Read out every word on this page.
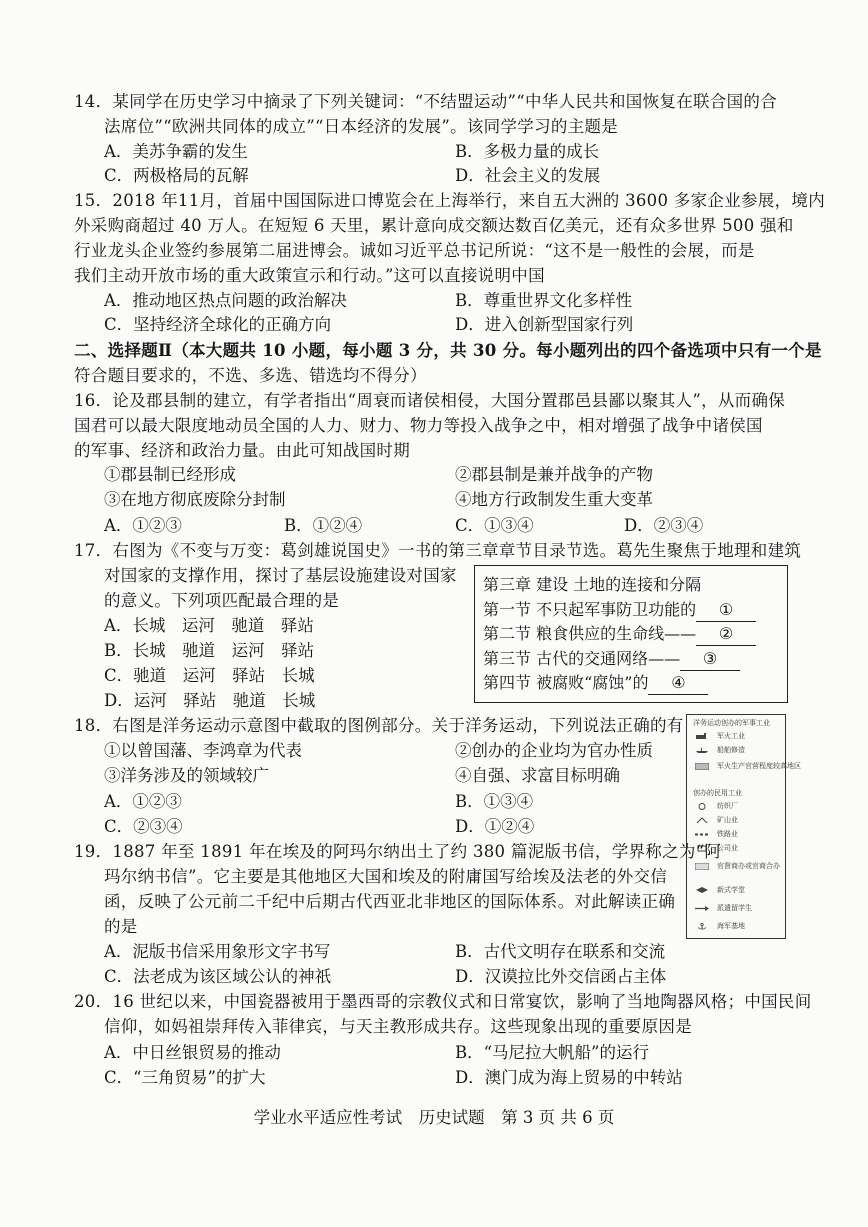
14．某同学在历史学习中摘录了下列关键词：“不结盟运动”“中华人民共和国恢复在联合国的合
法席位”“欧洲共同体的成立”“日本经济的发展”。该同学学习的主题是
A．美苏争霸的发生	B．多极力量的成长
C．两极格局的瓦解	D．社会主义的发展
15．2018 年11月，首届中国国际进口博览会在上海举行，来自五大洲的 3600 多家企业参展，境内
外采购商超过 40 万人。在短短 6 天里，累计意向成交额达数百亿美元，还有众多世界 500 强和
行业龙头企业签约参展第二届进博会。诚如习近平总书记所说：“这不是一般性的会展，而是
我们主动开放市场的重大政策宣示和行动。”这可以直接说明中国
A．推动地区热点问题的政治解决	B．尊重世界文化多样性
C．坚持经济全球化的正确方向	D．进入创新型国家行列
二、选择题Ⅱ（本大题共 10 小题，每小题 3 分，共 30 分。每小题列出的四个备选项中只有一个是
符合题目要求的，不选、多选、错选均不得分）
16．论及郡县制的建立，有学者指出“周衰而诸侯相侵，大国分置郡邑县鄙以聚其人”，从而确保
国君可以最大限度地动员全国的人力、财力、物力等投入战争之中，相对增强了战争中诸侯国
的军事、经济和政治力量。由此可知战国时期
①郡县制已经形成	②郡县制是兼并战争的产物
③在地方彻底废除分封制	④地方行政制发生重大变革
A．①②③	B．①②④	C．①③④	D．②③④
17．右图为《不变与万变：葛剑雄说国史》一书的第三章章节目录节选。葛先生聚焦于地理和建筑
对国家的支撑作用，探讨了基层设施建设对国家
的意义。下列项匹配最合理的是
A．长城　运河　驰道　驿站
B．长城　驰道　运河　驿站
C．驰道　运河　驿站　长城
D．运河　驿站　驰道　长城
第三章 建设 土地的连接和分隔
第一节 不只起军事防卫功能的 ①
第二节 粮食供应的生命线—— ②
第三节 古代的交通网络—— ③
第四节 被腐败“腐蚀”的 ④
18．右图是洋务运动示意图中截取的图例部分。关于洋务运动，下列说法正确的有
①以曾国藩、李鸿章为代表	②创办的企业均为官办性质
③洋务涉及的领域较广	④自强、求富目标明确
A．①②③	B．①③④
C．②③④	D．①②④
洋务运动创办的军事工业
军火工业
船舶修造
军火生产官营程度较高地区
创办的民用工业
纺织厂
矿山业
铁路业
公司业
官督商办或官商合办
新式学堂
派遣留学生
海军基地
19．1887 年至 1891 年在埃及的阿玛尔纳出土了约 380 篇泥版书信，学界称之为“阿
玛尔纳书信”。它主要是其他地区大国和埃及的附庸国写给埃及法老的外交信
函，反映了公元前二千纪中后期古代西亚北非地区的国际体系。对此解读正确
的是
A．泥版书信采用象形文字书写	B．古代文明存在联系和交流
C．法老成为该区域公认的神祇	D．汉谟拉比外交信函占主体
20．16 世纪以来，中国瓷器被用于墨西哥的宗教仪式和日常宴饮，影响了当地陶器风格；中国民间
信仰，如妈祖崇拜传入菲律宾，与天主教形成共存。这些现象出现的重要原因是
A．中日丝银贸易的推动	B．“马尼拉大帆船”的运行
C．“三角贸易”的扩大	D．澳门成为海上贸易的中转站
学业水平适应性考试　历史试题　第 3 页 共 6 页
